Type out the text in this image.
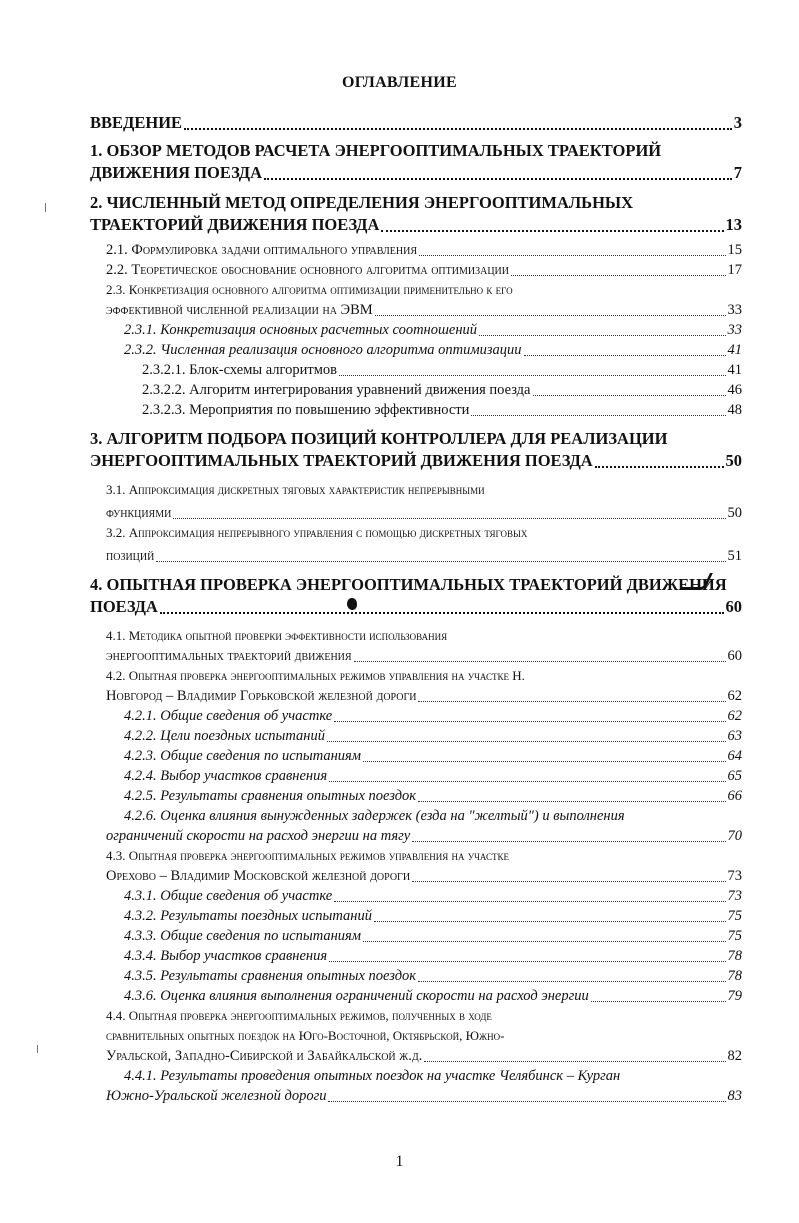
ОГЛАВЛЕНИЕ
ВВЕДЕНИЕ	3
1. ОБЗОР МЕТОДОВ РАСЧЕТА ЭНЕРГООПТИМАЛЬНЫХ ТРАЕКТОРИЙ
ДВИЖЕНИЯ ПОЕЗДА	7
2. ЧИСЛЕННЫЙ МЕТОД ОПРЕДЕЛЕНИЯ ЭНЕРГООПТИМАЛЬНЫХ
ТРАЕКТОРИЙ ДВИЖЕНИЯ ПОЕЗДА	13
2.1. Формулировка задачи оптимального управления	15
2.2. Теоретическое обоснование основного алгоритма оптимизации	17
2.3. Конкретизация основного алгоритма оптимизации применительно к его
эффективной численной реализации на ЭВМ	33
2.3.1. Конкретизация основных расчетных соотношений	33
2.3.2. Численная реализация основного алгоритма оптимизации	41
2.3.2.1. Блок-схемы алгоритмов	41
2.3.2.2. Алгоритм интегрирования уравнений движения поезда	46
2.3.2.3. Мероприятия по повышению эффективности	48
3. АЛГОРИТМ ПОДБОРА ПОЗИЦИЙ КОНТРОЛЛЕРА ДЛЯ РЕАЛИЗАЦИИ
ЭНЕРГООПТИМАЛЬНЫХ ТРАЕКТОРИЙ ДВИЖЕНИЯ ПОЕЗДА	50
3.1. Аппроксимация дискретных тяговых характеристик непрерывными
функциями	50
3.2. Аппроксимация непрерывного управления с помощью дискретных тяговых
позиций	51
4. ОПЫТНАЯ ПРОВЕРКА ЭНЕРГООПТИМАЛЬНЫХ ТРАЕКТОРИЙ ДВИЖЕНИЯ
ПОЕЗДА	60
4.1. Методика опытной проверки эффективности использования
энергооптимальных траекторий движения	60
4.2. Опытная проверка энергооптимальных режимов управления на участке Н.
Новгород – Владимир Горьковской железной дороги	62
4.2.1. Общие сведения об участке	62
4.2.2. Цели поездных испытаний	63
4.2.3. Общие сведения по испытаниям	64
4.2.4. Выбор участков сравнения	65
4.2.5. Результаты сравнения опытных поездок	66
4.2.6. Оценка влияния вынужденных задержек (езда на "желтый") и выполнения
ограничений скорости на расход энергии на тягу	70
4.3. Опытная проверка энергооптимальных режимов управления на участке
Орехово – Владимир Московской железной дороги	73
4.3.1. Общие сведения об участке	73
4.3.2. Результаты поездных испытаний	75
4.3.3. Общие сведения по испытаниям	75
4.3.4. Выбор участков сравнения	78
4.3.5. Результаты сравнения опытных поездок	78
4.3.6. Оценка влияния выполнения ограничений скорости на расход энергии	79
4.4. Опытная проверка энергооптимальных режимов, полученных в ходе
сравнительных опытных поездок на Юго-Восточной, Октябрьской, Южно-
Уральской, Западно-Сибирской и Забайкальской ж.д.	82
4.4.1. Результаты проведения опытных поездок на участке Челябинск – Курган
Южно-Уральской железной дороги	83
1
